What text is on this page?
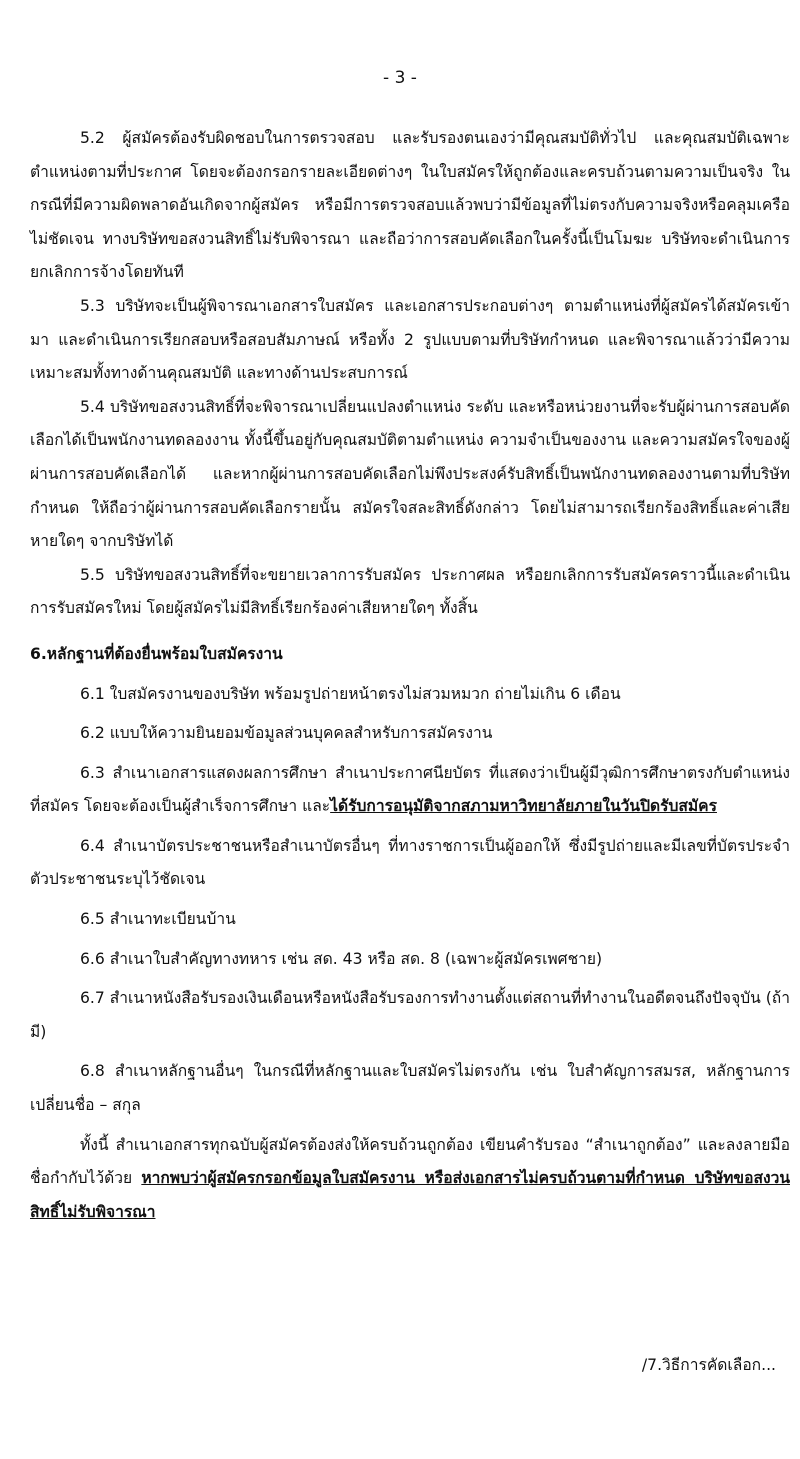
- 3 -

5.2 ผู้สมัครต้องรับผิดชอบในการตรวจสอบ และรับรองตนเองว่ามีคุณสมบัติทั่วไป และคุณสมบัติเฉพาะตำแหน่งตามที่ประกาศ โดยจะต้องกรอกรายละเอียดต่างๆ ในใบสมัครให้ถูกต้องและครบถ้วนตามความเป็นจริง ในกรณีที่มีความผิดพลาดอันเกิดจากผู้สมัคร หรือมีการตรวจสอบแล้วพบว่ามีข้อมูลที่ไม่ตรงกับความจริงหรือคลุมเครือไม่ชัดเจน ทางบริษัทขอสงวนสิทธิ์ไม่รับพิจารณา และถือว่าการสอบคัดเลือกในครั้งนี้เป็นโมฆะ บริษัทจะดำเนินการยกเลิกการจ้างโดยทันที

5.3 บริษัทจะเป็นผู้พิจารณาเอกสารใบสมัคร และเอกสารประกอบต่างๆ ตามตำแหน่งที่ผู้สมัครได้สมัครเข้ามา และดำเนินการเรียกสอบหรือสอบสัมภาษณ์ หรือทั้ง 2 รูปแบบตามที่บริษัทกำหนด และพิจารณาแล้วว่ามีความเหมาะสมทั้งทางด้านคุณสมบัติ และทางด้านประสบการณ์

5.4 บริษัทขอสงวนสิทธิ์ที่จะพิจารณาเปลี่ยนแปลงตำแหน่ง ระดับ และหรือหน่วยงานที่จะรับผู้ผ่านการสอบคัดเลือกได้เป็นพนักงานทดลองงาน ทั้งนี้ขึ้นอยู่กับคุณสมบัติตามตำแหน่ง ความจำเป็นของงาน และความสมัครใจของผู้ผ่านการสอบคัดเลือกได้ และหากผู้ผ่านการสอบคัดเลือกไม่พึงประสงค์รับสิทธิ์เป็นพนักงานทดลองงานตามที่บริษัทกำหนด ให้ถือว่าผู้ผ่านการสอบคัดเลือกรายนั้น สมัครใจสละสิทธิ์ดังกล่าว โดยไม่สามารถเรียกร้องสิทธิ์และค่าเสียหายใดๆ จากบริษัทได้

5.5 บริษัทขอสงวนสิทธิ์ที่จะขยายเวลาการรับสมัคร ประกาศผล หรือยกเลิกการรับสมัครคราวนี้และดำเนินการรับสมัครใหม่ โดยผู้สมัครไม่มีสิทธิ์เรียกร้องค่าเสียหายใดๆ ทั้งสิ้น

6.หลักฐานที่ต้องยื่นพร้อมใบสมัครงาน

6.1 ใบสมัครงานของบริษัท พร้อมรูปถ่ายหน้าตรงไม่สวมหมวก ถ่ายไม่เกิน 6 เดือน

6.2 แบบให้ความยินยอมข้อมูลส่วนบุคคลสำหรับการสมัครงาน

6.3 สำเนาเอกสารแสดงผลการศึกษา สำเนาประกาศนียบัตร ที่แสดงว่าเป็นผู้มีวุฒิการศึกษาตรงกับตำแหน่งที่สมัคร โดยจะต้องเป็นผู้สำเร็จการศึกษา และได้รับการอนุมัติจากสภามหาวิทยาลัยภายในวันปิดรับสมัคร

6.4 สำเนาบัตรประชาชนหรือสำเนาบัตรอื่นๆ ที่ทางราชการเป็นผู้ออกให้ ซึ่งมีรูปถ่ายและมีเลขที่บัตรประจำตัวประชาชนระบุไว้ชัดเจน

6.5 สำเนาทะเบียนบ้าน

6.6 สำเนาใบสำคัญทางทหาร เช่น สด. 43 หรือ สด. 8 (เฉพาะผู้สมัครเพศชาย)

6.7 สำเนาหนังสือรับรองเงินเดือนหรือหนังสือรับรองการทำงานตั้งแต่สถานที่ทำงานในอดีตจนถึงปัจจุบัน (ถ้ามี)

6.8 สำเนาหลักฐานอื่นๆ ในกรณีที่หลักฐานและใบสมัครไม่ตรงกัน เช่น ใบสำคัญการสมรส, หลักฐานการเปลี่ยนชื่อ – สกุล

ทั้งนี้ สำเนาเอกสารทุกฉบับผู้สมัครต้องส่งให้ครบถ้วนถูกต้อง เขียนคำรับรอง “สำเนาถูกต้อง” และลงลายมือชื่อกำกับไว้ด้วย หากพบว่าผู้สมัครกรอกข้อมูลใบสมัครงาน หรือส่งเอกสารไม่ครบถ้วนตามที่กำหนด บริษัทขอสงวนสิทธิ์ไม่รับพิจารณา

/7.วิธีการคัดเลือก...
